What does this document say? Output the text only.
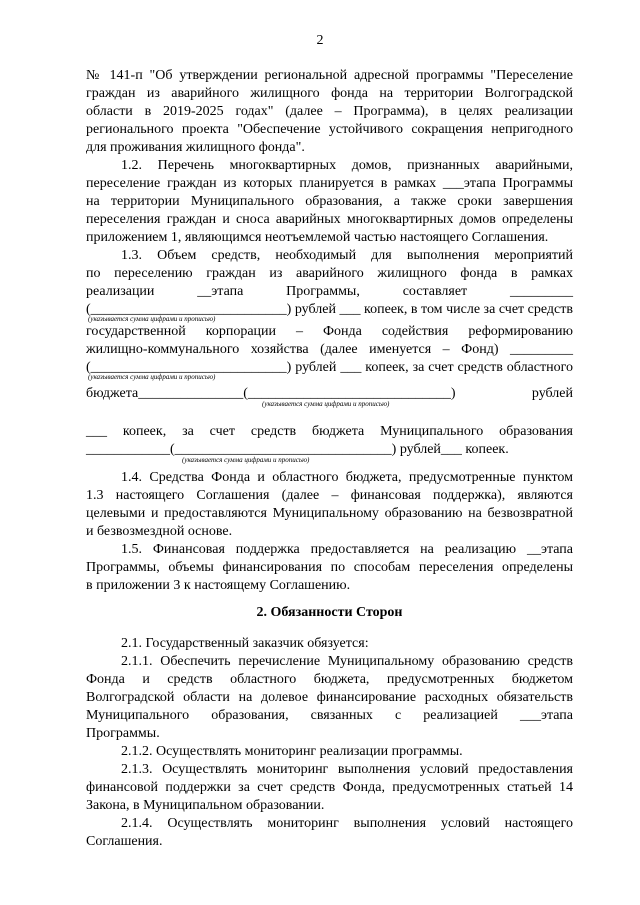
2
№ 141-п "Об утверждении региональной адресной программы "Переселение
граждан из аварийного жилищного фонда на территории Волгоградской
области в 2019-2025 годах" (далее – Программа), в целях реализации
регионального проекта "Обеспечение устойчивого сокращения непригодного
для проживания жилищного фонда".
1.2. Перечень многоквартирных домов, признанных аварийными,
переселение граждан из которых планируется в рамках ___этапа Программы
на территории Муниципального образования, а также сроки завершения
переселения граждан и сноса аварийных многоквартирных домов определены
приложением 1, являющимся неотъемлемой частью настоящего Соглашения.
1.3. Объем средств, необходимый для выполнения мероприятий
по переселению граждан из аварийного жилищного фонда в рамках
реализации __этапа Программы, составляет _________
(____________________________) рублей ___ копеек, в том числе за счет средств
(указывается сумма цифрами и прописью)
государственной корпорации – Фонда содействия реформированию
жилищно-коммунального хозяйства (далее именуется – Фонд) _________
(____________________________) рублей ___ копеек, за счет средств областного
(указывается сумма цифрами и прописью)
бюджета_______________(_____________________________) рублей
(указывается сумма цифрами и прописью)
___ копеек, за счет средств бюджета Муниципального образования
____________(_______________________________) рублей___ копеек.
(указывается сумма цифрами и прописью)
1.4. Средства Фонда и областного бюджета, предусмотренные пунктом
1.3 настоящего Соглашения (далее – финансовая поддержка), являются
целевыми и предоставляются Муниципальному образованию на безвозвратной
и безвозмездной основе.
1.5. Финансовая поддержка предоставляется на реализацию __этапа
Программы, объемы финансирования по способам переселения определены
в приложении 3 к настоящему Соглашению.
2. Обязанности Сторон
2.1. Государственный заказчик обязуется:
2.1.1. Обеспечить перечисление Муниципальному образованию средств
Фонда и средств областного бюджета, предусмотренных бюджетом
Волгоградской области на долевое финансирование расходных обязательств
Муниципального образования, связанных с реализацией ___этапа
Программы.
2.1.2. Осуществлять мониторинг реализации программы.
2.1.3. Осуществлять мониторинг выполнения условий предоставления
финансовой поддержки за счет средств Фонда, предусмотренных статьей 14
Закона, в Муниципальном образовании.
2.1.4. Осуществлять мониторинг выполнения условий настоящего
Соглашения.
